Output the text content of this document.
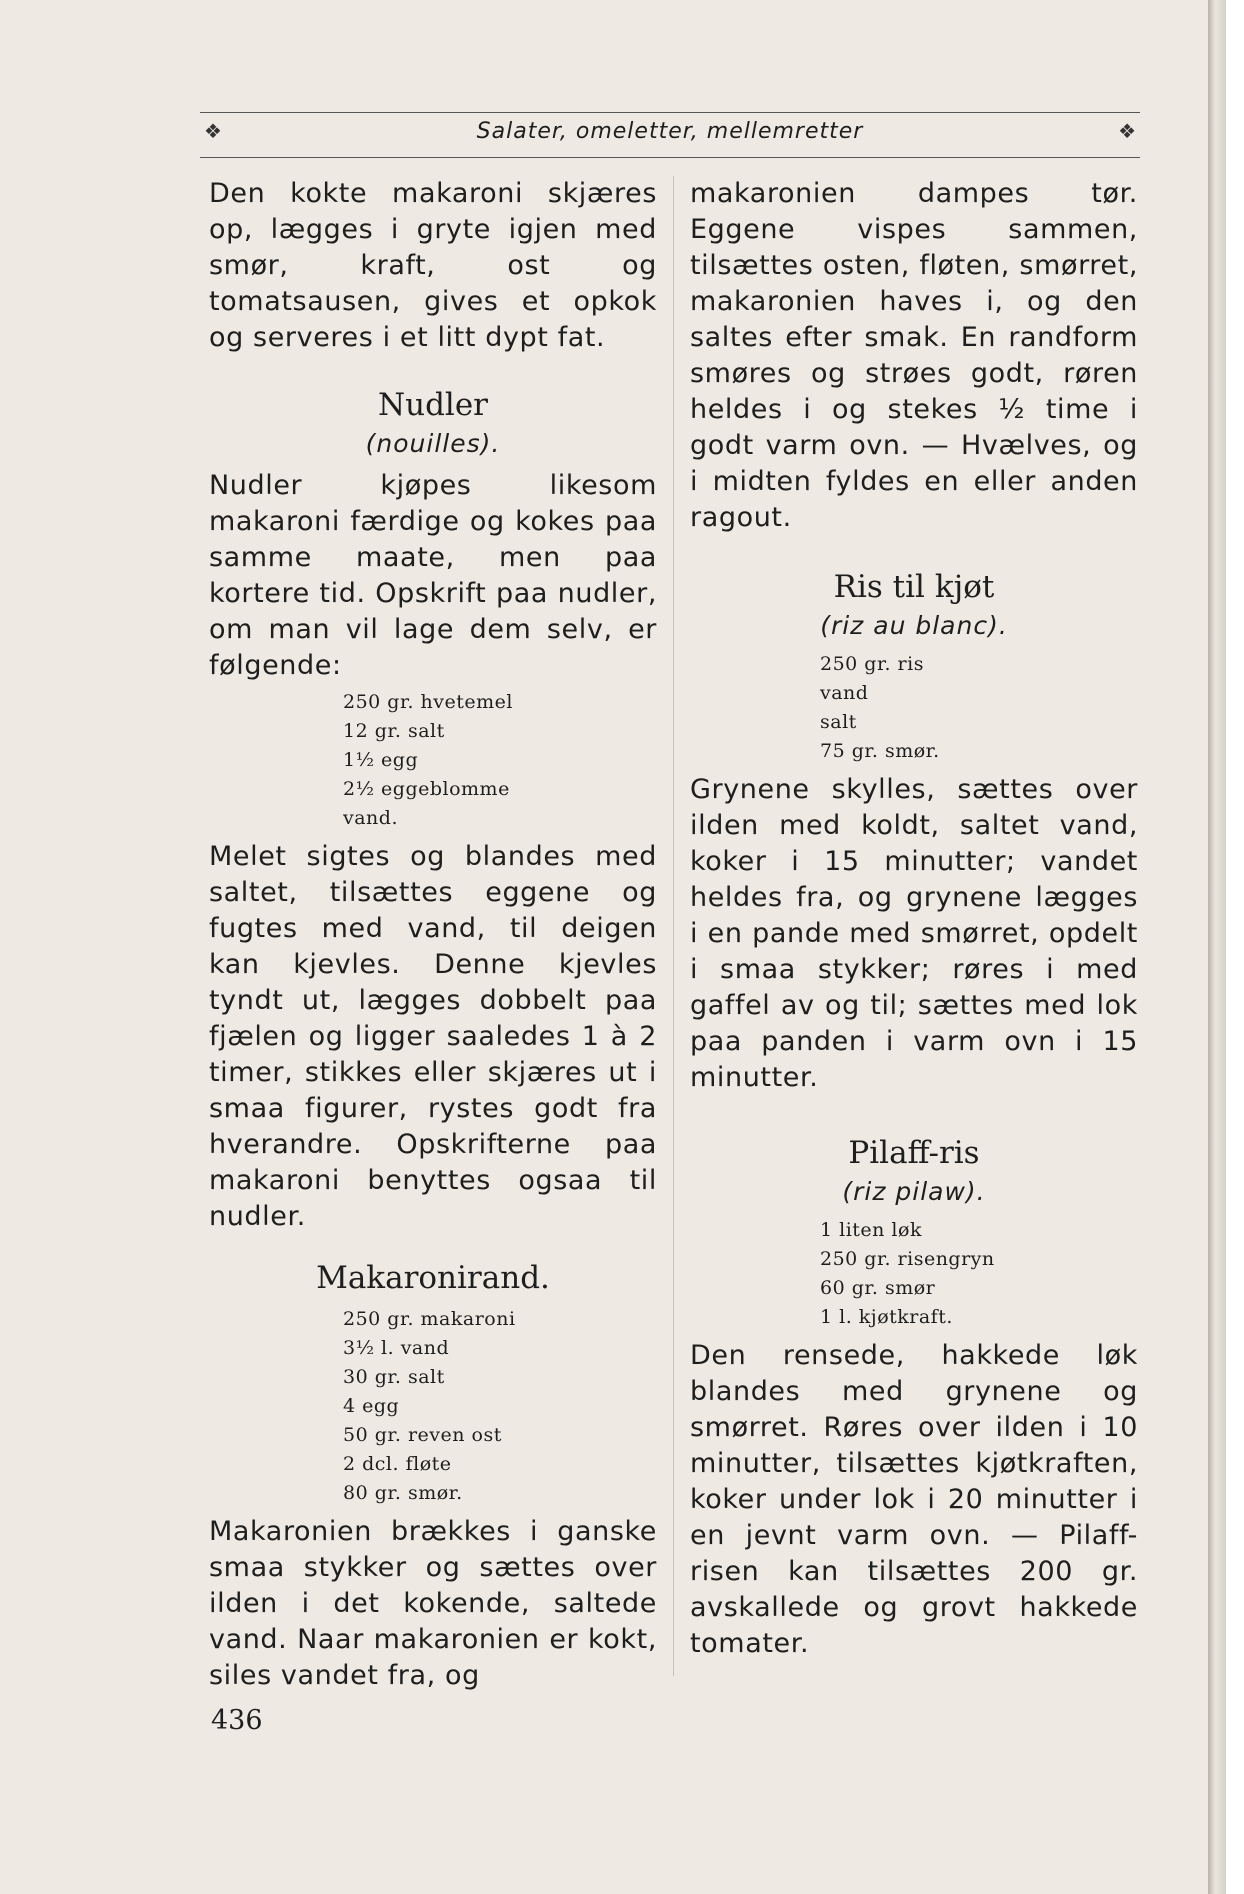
❖	Salater, omeletter, mellemretter	❖

Den kokte makaroni skjæres op, læggeѕ i gryte igjen med smør, kraft, ost og tomatsausen, gives et opkok og serveres i et litt dypt fat.

Nudler
(nouilles).

Nudler kjøpes likesom makaroni færdige og kokes paa samme maate, men paa kortere tid. Opskrift paa nudler, om man vil lage dem selv, er følgende:

250 gr. hvetemel
12 gr. salt
1½ egg
2½ eggeblomme
vand.

Melet sigtes og blandes med saltet, tilsættes eggene og fugtes med vand, til deigen kan kjevles. Denne kjevles tyndt ut, lægges dobbelt paa fjælen og ligger saaledes 1 à 2 timer, stikkes eller skjæres ut i smaa figurer, rystes godt fra hverandre. Opskrifterne paa makaroni benyttes ogsaa til nudler.

Makaronirand.
250 gr. makaroni
3½ l. vand
30 gr. salt
4 egg
50 gr. reven ost
2 dcl. fløte
80 gr. smør.

Makaronien brækkes i ganske smaa stykker og sættes over ilden i det kokende, saltede vand. Naar makaronien er kokt, siles vandet fra, og

makaronien dampes tør. Eggene vispes sammen, tilsættes osten, fløten, smørret, makaronien haves i, og den saltes efter smak. En randform smøres og strøes godt, røren heldes i og stekes ½ time i godt varm ovn. — Hvælves, og i midten fyldes en eller anden ragout.

Ris til kjøt
(riz au blanc).
250 gr. ris
vand
salt
75 gr. smør.

Grynene skylles, sættes over ilden med koldt, saltet vand, koker i 15 minutter; vandet heldes fra, og grynene lægges i en pande med smørret, opdelt i smaa stykker; røres i med gaffel av og til; sættes med lok paa panden i varm ovn i 15 minutter.

Pilaff-ris
(riz pilaw).
1 liten løk
250 gr. risengryn
60 gr. smør
1 l. kjøtkraft.

Den rensede, hakkede løk blandes med grynene og smørret. Røres over ilden i 10 minutter, tilsættes kjøtkraften, koker under lok i 20 minutter i en jevnt varm ovn. — Pilaff-risen kan tilsættes 200 gr. avskallede og grovt hakkede tomater.

436
